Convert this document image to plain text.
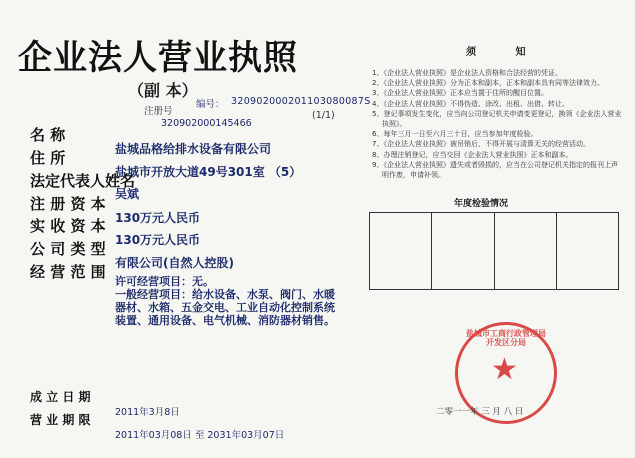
企业法人营业执照
（副 本）
注册号
编号： 320902000201103080087S
(1/1)
320902000145466
名 称
盐城品格给排水设备有限公司
住 所
盐城市开放大道49号301室 （5）
法定代表人姓名
吴斌
注 册 资 本
130万元人民币
实 收 资 本
130万元人民币
公 司 类 型
有限公司(自然人控股)
经 营 范 围
许可经营项目：无。
一般经营项目：给水设备、水泵、阀门、水暖器材、水箱、五金交电、工业自动化控制系统装置、通用设备、电气机械、消防器材销售。
成 立 日 期
2011年3月8日
营 业 期 限
2011年03月08日 至 2031年03月07日
须 知
1、《企业法人营业执照》是企业法人资格和合法经营的凭证。
2、《企业法人营业执照》分为正本和副本，正本和副本具有同等法律效力。
3、《企业法人营业执照》正本应当置于住所的醒目位置。
4、《企业法人营业执照》不得伪造、涂改、出租、出借、转让。
5、登记事项发生变化，应当向公司登记机关申请变更登记，换领《企业法人营业执照》。
6、每年三月一日至六月三十日，应当参加年度检验。
7、《企业法人营业执照》被吊销后，不得开展与清算无关的经营活动。
8、办理注销登记，应当交回《企业法人营业执照》正本和副本。
9、《企业法人营业执照》遗失或者毁损的，应当在公司登记机关指定的报刊上声明作废，申请补领。
年度检验情况
盐城市工商行政管理局开发区分局
★
二零一一年 三 月 八 日
